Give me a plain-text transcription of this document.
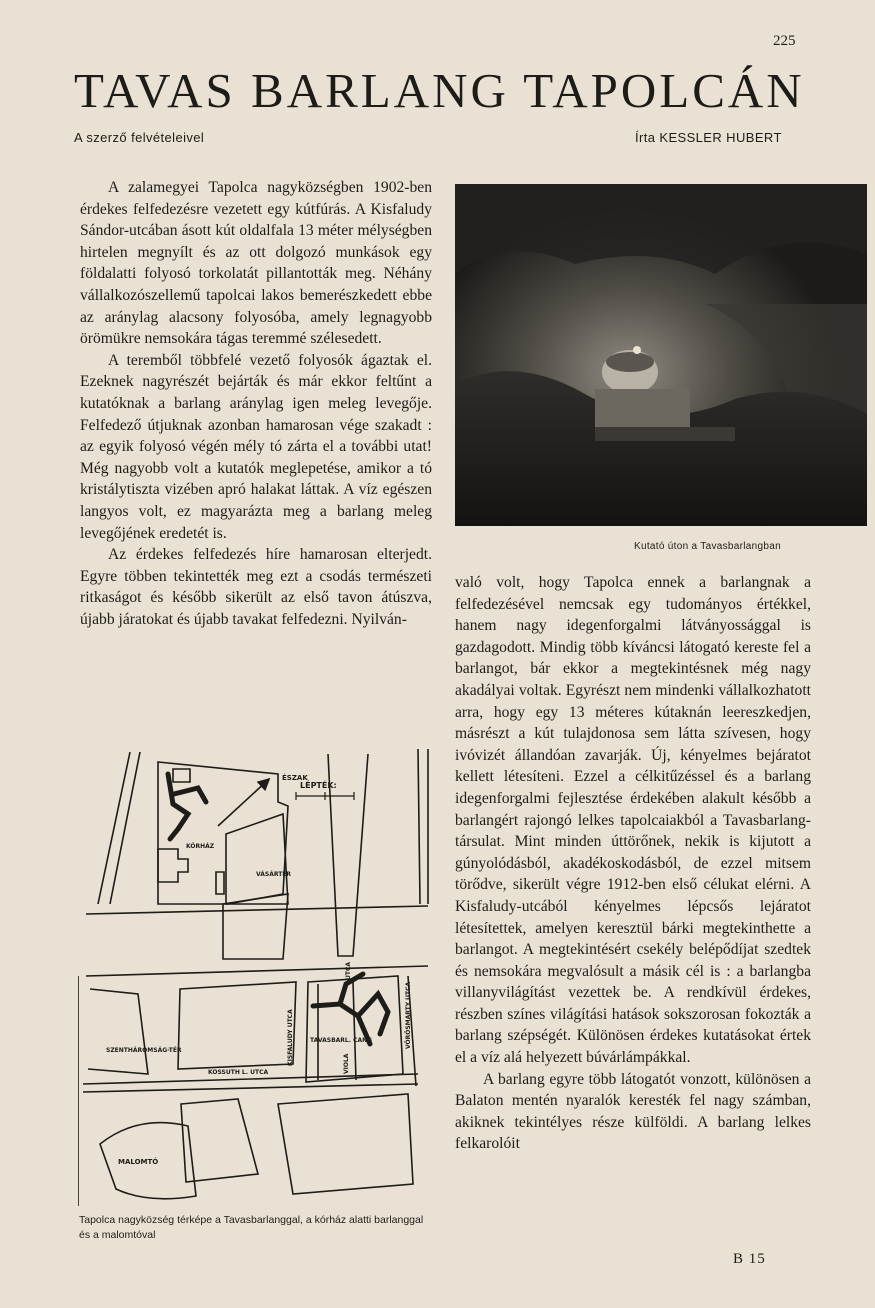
225
TAVAS BARLANG TAPOLCÁN
A szerző felvételeivel	Írta KESSLER HUBERT

A zalamegyei Tapolca nagyközségben 1902-ben érdekes felfedezésre vezetett egy kútfúrás. A Kisfaludy Sándor-utcában ásott kút oldalfala 13 méter mélységben hirtelen megnyílt és az ott dolgozó munkások egy földalatti folyosó torkolatát pillantották meg. Néhány vállalkozószellemű tapolcai lakos bemerészkedett ebbe az aránylag alacsony folyosóba, amely legnagyobb örömükre nemsokára tágas teremmé szélesedett.

A teremből többfelé vezető folyosók ágaztak el. Ezeknek nagyrészét bejárták és már ekkor feltűnt a kutatóknak a barlang aránylag igen meleg levegője. Felfedező útjuknak azonban hamarosan vége szakadt : az egyik folyosó végén mély tó zárta el a további utat! Még nagyobb volt a kutatók meglepetése, amikor a tó kristálytiszta vizében apró halakat láttak. A víz egészen langyos volt, ez magyarázta meg a barlang meleg levegőjének eredetét is.

Az érdekes felfedezés híre hamarosan elterjedt. Egyre többen tekintették meg ezt a csodás természeti ritkaságot és később sikerült az első tavon átúszva, újabb járatokat és újabb tavakat felfedezni. Nyilván-

Kutató úton a Tavasbarlangban
ÉSZAK
LÉPTÉK:
KÓRHÁZ
VÁSÁRTÉR
TAVASBARL. CANG
KOSSUTH L. UTCA
SZENTHÁROMSÁG-TÉR
MALOMTÓ
KISFALUDY UTCA	VÖRÖSMARTY UTCA
VIOLA
UTCA
Tapolca nagyközség térképe a Tavasbarlanggal, a kórház alatti barlanggal és a malomtóval

való volt, hogy Tapolca ennek a barlangnak a felfedezésével nemcsak egy tudományos értékkel, hanem nagy idegenforgalmi látványossággal is gazdagodott. Mindig több kíváncsi látogató kereste fel a barlangot, bár ekkor a megtekintésnek még nagy akadályai voltak. Egyrészt nem mindenki vállalkozhatott arra, hogy egy 13 méteres kútaknán leereszkedjen, másrészt a kút tulajdonosa sem látta szívesen, hogy ivóvizét állandóan zavarják. Új, kényelmes bejáratot kellett létesíteni. Ezzel a célkitűzéssel és a barlang idegenforgalmi fejlesztése érdekében alakult később a barlangért rajongó lelkes tapolcaiakból a Tavasbarlang-társulat. Mint minden úttörőnek, nekik is kijutott a gúnyolódásból, akadékoskodásból, de ezzel mitsem törődve, sikerült végre 1912-ben első célukat elérni. A Kisfaludy-utcából kényelmes lépcsős lejáratot létesítettek, amelyen keresztül bárki megtekinthette a barlangot. A megtekintésért csekély belépődíjat szedtek és nemsokára megvalósult a másik cél is : a barlangba villanyvilágítást vezettek be. A rendkívül érdekes, részben színes világítási hatások sokszorosan fokozták a barlang szépségét. Különösen érdekes kutatásokat értek el a víz alá helyezett búvárlámpákkal.

A barlang egyre több látogatót vonzott, különösen a Balaton mentén nyaralók keresték fel nagy számban, akiknek tekintélyes része külföldi. A barlang lelkes felkarolóit

B 15
